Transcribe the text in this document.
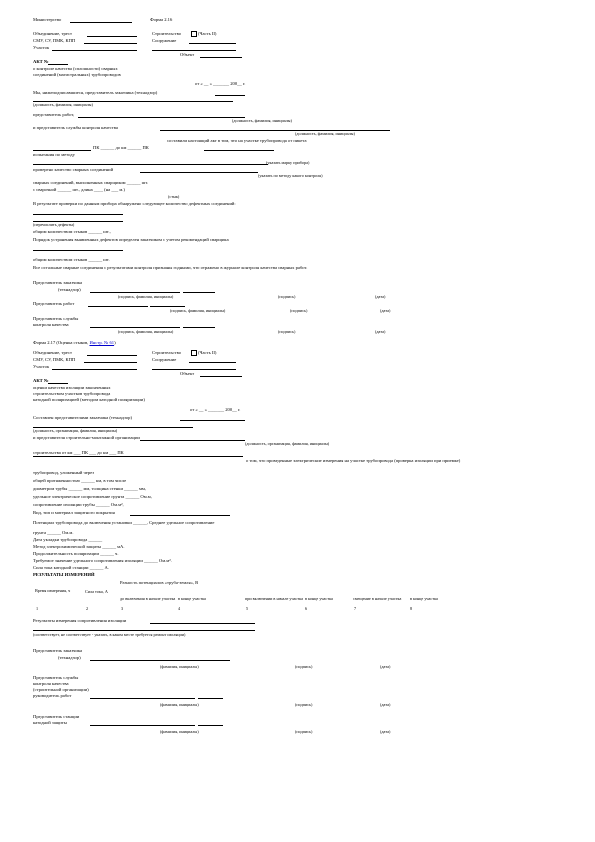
Министерство	Форма 2.16
Объединение, трест	Строительство	(Часть II)
СМУ, СУ, ПМК, КПП	Сооружение
Участок
Объект
АКТ №
о контроле качества (сплошности) сварных
соединений (магистральных) трубопроводов
от « __ » _______ 200__ г.
Мы, нижеподписавшиеся, представитель заказчика (технадзор)
(должность, фамилия, инициалы)
представитель работ,
(должность, фамилия, инициалы)
и представитель службы контроля качества
(должность, фамилия, инициалы)
составили настоящий акт в том, что на участке трубопровода от пикета
ПК ______ до км ______ ПК
испытания по методу
(указать марку прибора)
проверено качество сварных соединений
(указать по методу какого контроля)
сварных соединений, выполненных сварщиком ______ шт.
с сварочной ______ шт., длина ____ (на ___ м.)
(стык)
В результате проверки по данным прибора обнаружено следующее количество дефектных соединений:
(перечислить дефекты)
общим количеством стыков ______ шт.,
Порядок устранения выявленных дефектов определен заказчиком с учетом рекомендаций сварщика
общим количеством стыков ______ шт.
Все остальные сварные соединения с результатами контроля признаны годными, что отражено в журнале контроля качества сварных работ.
Представитель заказчика
(технадзор)
(подпись, фамилия, инициалы)	(подпись)	(дата)
Представитель работ
(подпись, фамилия, инициалы)	(подпись)	(дата)
Представитель службы
контроля качества
(подпись, фамилия, инициалы)	(подпись)	(дата)
Форма 2.17 (Оценка стыков, Инстр. № 61)
Объединение, трест	Строительство	(Часть II)
СМУ, СУ, ПМК, КПП	Сооружение
Участок
Объект
АКТ №
оценки качества изоляции законченных
строительством участков трубопровода
катодной поляризацией (методом катодной поляризации)
от « __ » _______ 200__ г.
Составлен представителями заказчика (технадзор)
(должность, организация, фамилия, инициалы)
и представителя строительно-монтажной организации
(должность, организация, фамилия, инициалы)
строительства от км ___ ПК ___ до км ___ ПК
о том, что проведенные электрические измерения на участке трубопровода (проверка изоляции при приемке)
трубопровод, уложенный через
общей протяженностью ______ км, в том числе
диаметром трубы ______ мм, толщина стенки ______ мм,
удельное электрическое сопротивление грунта ______ Ом.м,
сопротивление изоляции трубы ______ Ом.м²,
Вид, тип и материал защитного покрытия
Потенциал трубопровода до включения установки ______, Среднее удельное сопротивление
грунта ______ Ом.м.
Дата укладки трубопровода ______
Метод электрохимической защиты ______ мА.
Продолжительность поляризации ______ ч.
Требуемое значение удельного сопротивления изоляции ______ Ом.м².
Сила тока катодной станции ______ А.
РЕЗУЛЬТАТЫ ИЗМЕРЕНИЙ
Разность потенциалов «труба-земля», В
Время измерения, ч	Сила тока, А
до включения в начале участка в конце участка	при включении в начале участка в конце участка	смещение в начале участка в конце участка
1	2	3	4	5	6	7	8
Результаты измерения сопротивления изоляции
(соответствует, не соответствует - указать, в каком месте требуется ремонт изоляции)
Представитель заказчика
(технадзор)
(фамилия, инициалы)	(подпись)	(дата)
Представитель службы
контроля качества
(строительной организации)
руководитель работ
(фамилия, инициалы)	(подпись)	(дата)
Представитель станции
катодной защиты
(фамилия, инициалы)	(подпись)	(дата)
